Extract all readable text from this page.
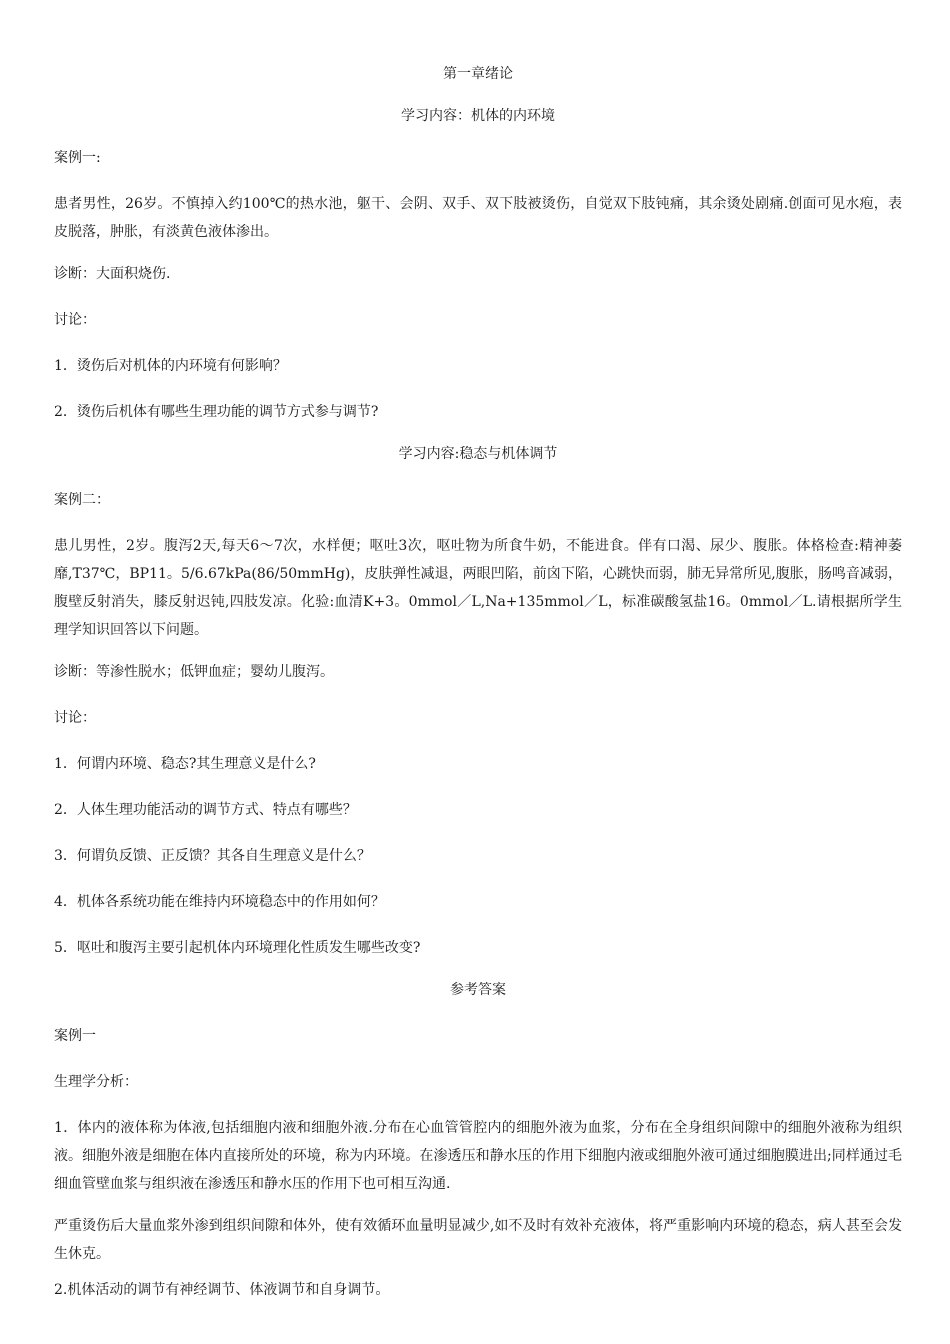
第一章绪论

学习内容：机体的内环境

案例一:

患者男性，26岁。不慎掉入约100℃的热水池，躯干、会阴、双手、双下肢被烫伤，自觉双下肢钝痛，其余烫处剧痛.创面可见水疱，表皮脱落，肿胀，有淡黄色液体渗出。

诊断：大面积烧伤.

讨论：

1．烫伤后对机体的内环境有何影响？

2．烫伤后机体有哪些生理功能的调节方式参与调节?

学习内容:稳态与机体调节

案例二：

患儿男性，2岁。腹泻2天,每天6～7次，水样便；呕吐3次，呕吐物为所食牛奶，不能进食。伴有口渴、尿少、腹胀。体格检查:精神萎靡,T37℃，BP11。5/6.67kPa(86/50mmHg)，皮肤弹性减退，两眼凹陷，前囟下陷，心跳快而弱，肺无异常所见,腹胀，肠鸣音减弱，腹壁反射消失，膝反射迟钝,四肢发凉。化验:血清K+3。0mmol／L,Na+135mmol／L，标准碳酸氢盐16。0mmol／L.请根据所学生理学知识回答以下问题。

诊断：等渗性脱水；低钾血症；婴幼儿腹泻。

讨论：

1．何谓内环境、稳态?其生理意义是什么?

2．人体生理功能活动的调节方式、特点有哪些？

3．何谓负反馈、正反馈？其各自生理意义是什么？

4．机体各系统功能在维持内环境稳态中的作用如何？

5．呕吐和腹泻主要引起机体内环境理化性质发生哪些改变?

参考答案

案例一

生理学分析：

1．体内的液体称为体液,包括细胞内液和细胞外液.分布在心血管管腔内的细胞外液为血浆，分布在全身组织间隙中的细胞外液称为组织液。细胞外液是细胞在体内直接所处的环境，称为内环境。在渗透压和静水压的作用下细胞内液或细胞外液可通过细胞膜进出;同样通过毛细血管壁血浆与组织液在渗透压和静水压的作用下也可相互沟通.

严重烫伤后大量血浆外渗到组织间隙和体外，使有效循环血量明显减少,如不及时有效补充液体，将严重影响内环境的稳态，病人甚至会发生休克。

2.机体活动的调节有神经调节、体液调节和自身调节。
